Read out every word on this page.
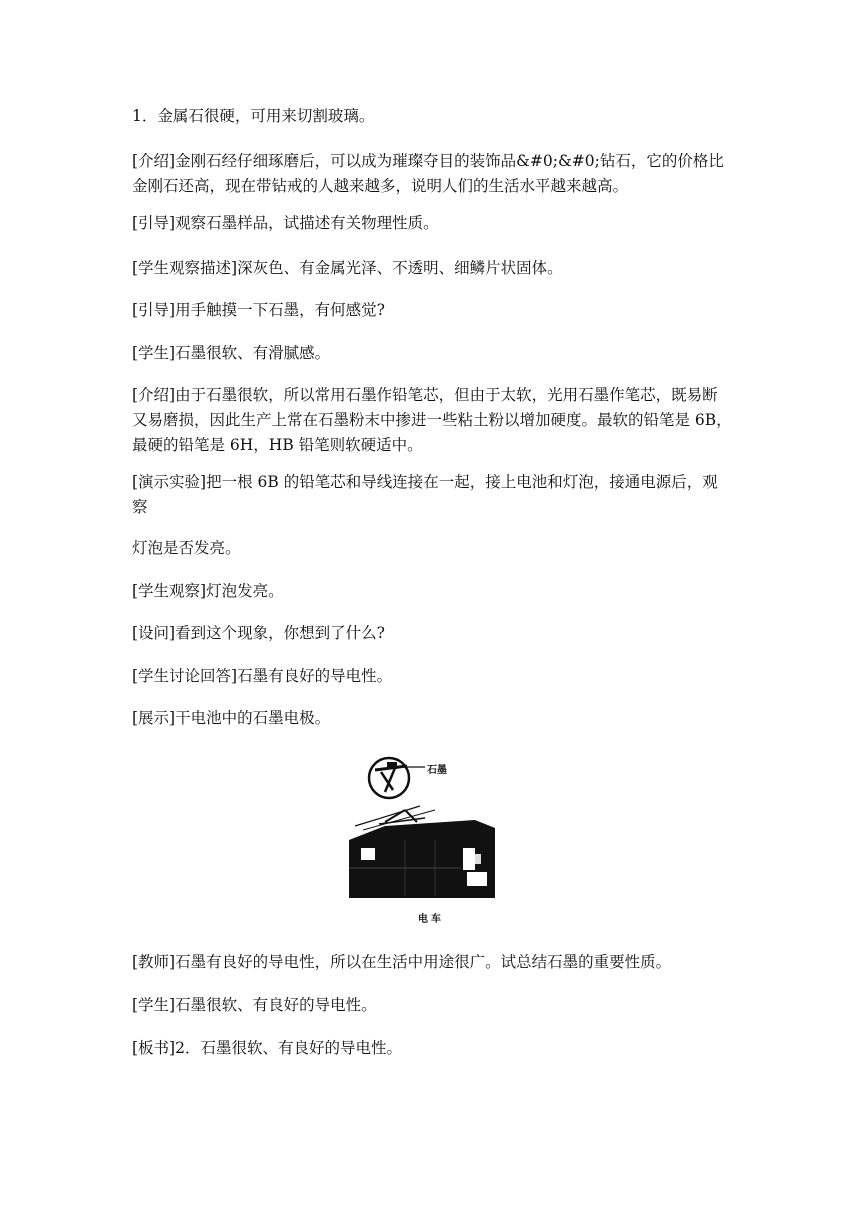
1．金属石很硬，可用来切割玻璃。

[介绍]金刚石经仔细琢磨后，可以成为璀璨夺目的装饰品&#0;&#0;钻石，它的价格比金刚石还高，现在带钻戒的人越来越多，说明人们的生活水平越来越高。

[引导]观察石墨样品，试描述有关物理性质。

[学生观察描述]深灰色、有金属光泽、不透明、细鳞片状固体。

[引导]用手触摸一下石墨，有何感觉?

[学生]石墨很软、有滑腻感。

[介绍]由于石墨很软，所以常用石墨作铅笔芯，但由于太软，光用石墨作笔芯，既易断又易磨损，因此生产上常在石墨粉末中掺进一些粘土粉以增加硬度。最软的铅笔是 6B，最硬的铅笔是 6H，HB 铅笔则软硬适中。

[演示实验]把一根 6B 的铅笔芯和导线连接在一起，接上电池和灯泡，接通电源后，观察

灯泡是否发亮。

[学生观察]灯泡发亮。

[设问]看到这个现象，你想到了什么?

[学生讨论回答]石墨有良好的导电性。

[展示]干电池中的石墨电极。

石墨
电车

[教师]石墨有良好的导电性，所以在生活中用途很广。试总结石墨的重要性质。

[学生]石墨很软、有良好的导电性。

[板书]2．石墨很软、有良好的导电性。
